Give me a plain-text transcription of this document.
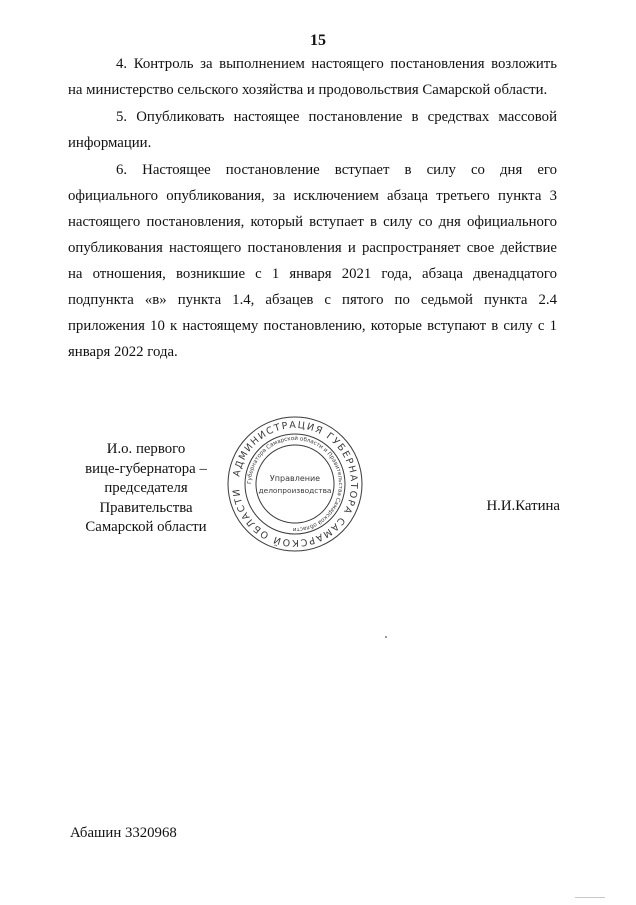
15

4. Контроль за выполнением настоящего постановления возложить на министерство сельского хозяйства и продовольствия Самарской области.

5. Опубликовать настоящее постановление в средствах массовой информации.

6. Настоящее постановление вступает в силу со дня его официального опубликования, за исключением абзаца третьего пункта 3 настоящего постановления, который вступает в силу со дня официального опубликования настоящего постановления и распространяет свое действие на отношения, возникшие с 1 января 2021 года, абзаца двенадцатого подпункта «в» пункта 1.4, абзацев с пятого по седьмой пункта 2.4 приложения 10 к настоящему постановлению, которые вступают в силу с 1 января 2022 года.

И.о. первого
вице-губернатора –
председателя Правительства
Самарской области
АДМИНИСТРАЦИЯ ГУБЕРНАТОРА САМАРСКОЙ ОБЛАСТИ
Губернатора Самарской области и Правительства Самарской области
Управление
делопроизводства
Н.И.Катина
Абашин 3320968
